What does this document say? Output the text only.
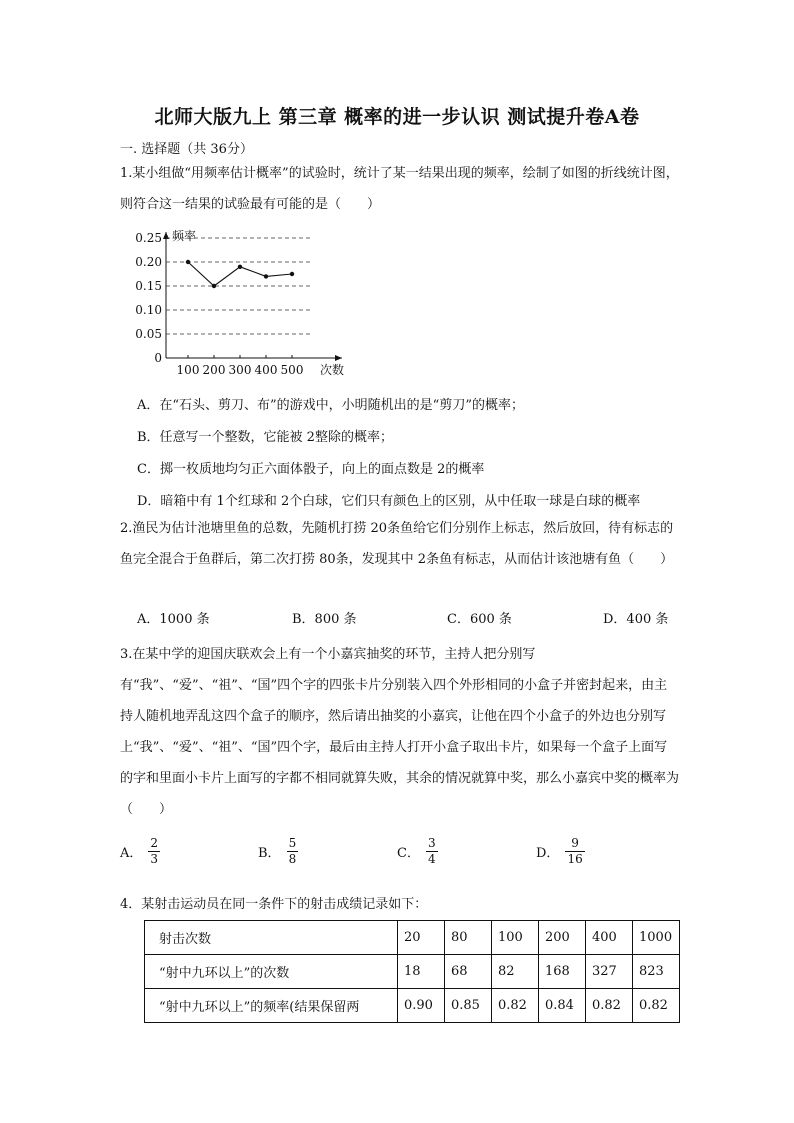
北师大版九上 第三章 概率的进一步认识 测试提升卷A卷
一. 选择题（共 36分）
1.某小组做“用频率估计概率”的试验时，统计了某一结果出现的频率，绘制了如图的折线统计图，则符合这一结果的试验最有可能的是（　　）
0
0.05
0.10
0.15
0.20
0.25
100 200 300 400 500
频率
次数
A．在“石头、剪刀、布”的游戏中，小明随机出的是“剪刀”的概率；
B．任意写一个整数，它能被 2整除的概率；
C．掷一枚质地均匀正六面体骰子，向上的面点数是 2的概率
D．暗箱中有 1个红球和 2个白球，它们只有颜色上的区别，从中任取一球是白球的概率
2.渔民为估计池塘里鱼的总数，先随机打捞 20条鱼给它们分别作上标志，然后放回，待有标志的鱼完全混合于鱼群后，第二次打捞 80条，发现其中 2条鱼有标志，从而估计该池塘有鱼（　　）
A．1000 条	B．800 条	C．600 条	D．400 条
3.在某中学的迎国庆联欢会上有一个小嘉宾抽奖的环节，主持人把分别写有“我”、“爱”、“祖”、“国”四个字的四张卡片分别装入四个外形相同的小盒子并密封起来，由主持人随机地弄乱这四个盒子的顺序，然后请出抽奖的小嘉宾，让他在四个小盒子的外边也分别写上“我”、“爱”、“祖”、“国”四个字，最后由主持人打开小盒子取出卡片，如果每一个盒子上面写的字和里面小卡片上面写的字都不相同就算失败，其余的情况就算中奖，那么小嘉宾中奖的概率为（　　）
A． $\frac{2}{3}$	B． $\frac{5}{8}$	C． $\frac{3}{4}$	D． $\frac{9}{16}$
4．某射击运动员在同一条件下的射击成绩记录如下：
射击次数	20	80	100	200	400	1000
“射中九环以上”的次数	18	68	82	168	327	823
“射中九环以上”的频率(结果保留两	0.90	0.85	0.82	0.84	0.82	0.82
